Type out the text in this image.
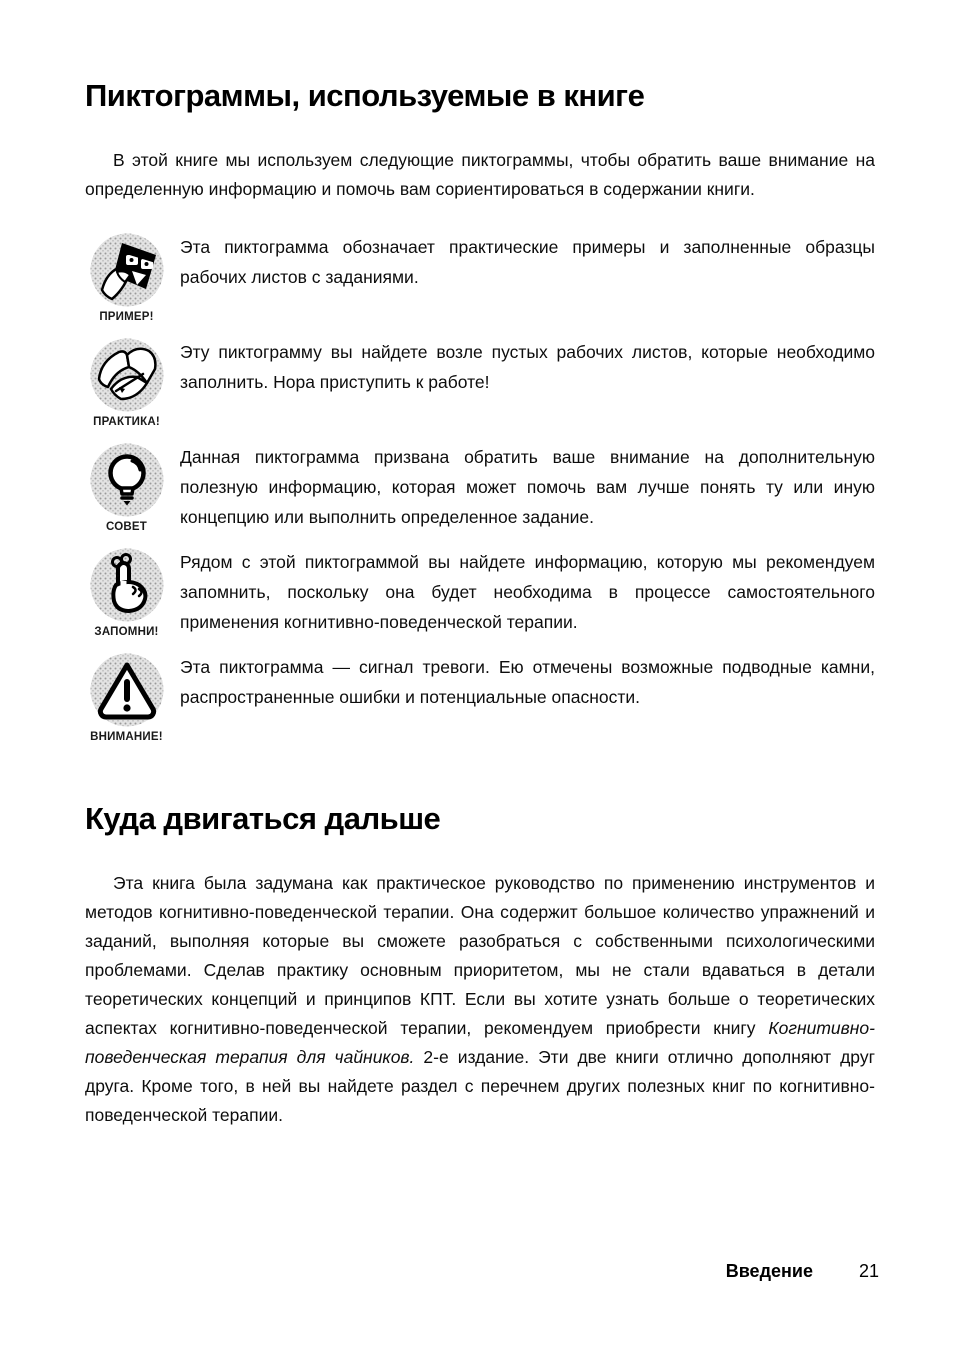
Пиктограммы, используемые в книге

В этой книге мы используем следующие пиктограммы, чтобы обратить ваше внимание на определенную информацию и помочь вам сориентироваться в содержании книги.

ПРИМЕР!

Эта пиктограмма обозначает практические примеры и заполненные образцы рабочих листов с заданиями.

ПРАКТИКА!

Эту пиктограмму вы найдете возле пустых рабочих листов, которые необходимо заполнить. Нора приступить к работе!

СОВЕТ

Данная пиктограмма призвана обратить ваше внимание на дополнительную полезную информацию, которая может помочь вам лучше понять ту или иную концепцию или выполнить определенное задание.

ЗАПОМНИ!

Рядом с этой пиктограммой вы найдете информацию, которую мы рекомендуем запомнить, поскольку она будет необходима в процессе самостоятельного применения когнитивно-поведенческой терапии.

ВНИМАНИЕ!

Эта пиктограмма — сигнал тревоги. Ею отмечены возможные подводные камни, распространенные ошибки и потенциальные опасности.

Куда двигаться дальше

Эта книга была задумана как практическое руководство по применению инструментов и методов когнитивно-поведенческой терапии. Она содержит большое количество упражнений и заданий, выполняя которые вы сможете разобраться с собственными психологическими проблемами. Сделав практику основным приоритетом, мы не стали вдаваться в детали теоретических концепций и принципов КПТ. Если вы хотите узнать больше о теоретических аспектах когнитивно-поведенческой терапии, рекомендуем приобрести книгу Когнитивно-поведенческая терапия для чайников. 2-е издание. Эти две книги отлично дополняют друг друга. Кроме того, в ней вы найдете раздел с перечнем других полезных книг по когнитивно-поведенческой терапии.

Введение	21
